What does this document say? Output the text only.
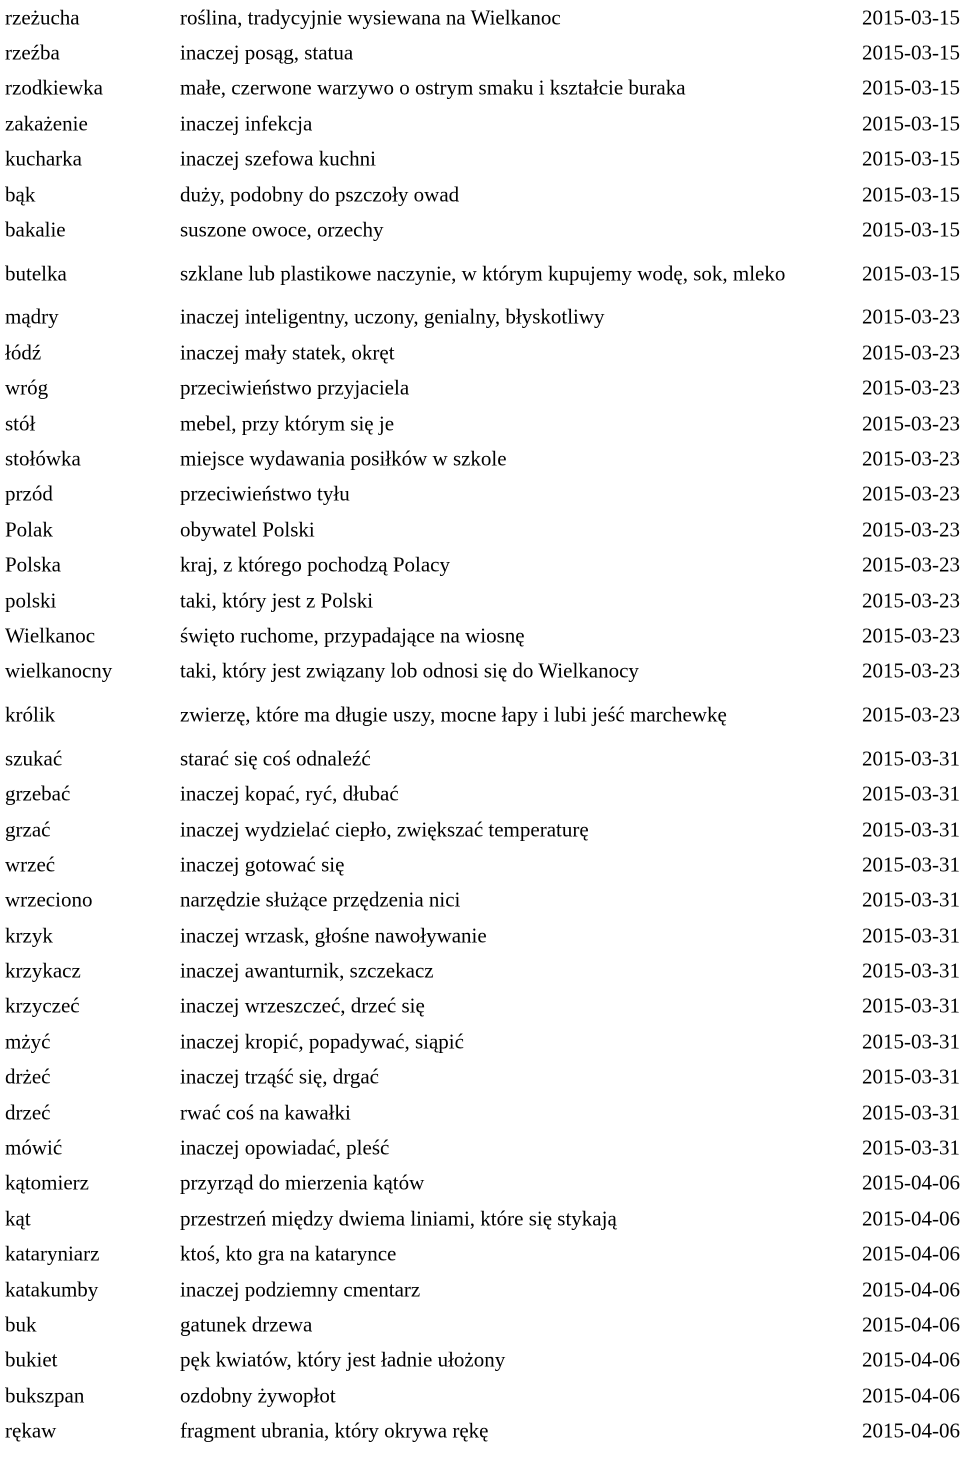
rzeżucha	roślina, tradycyjnie wysiewana na Wielkanoc	2015-03-15
rzeźba	inaczej posąg, statua	2015-03-15
rzodkiewka	małe, czerwone warzywo o ostrym smaku i kształcie buraka	2015-03-15
zakażenie	inaczej infekcja	2015-03-15
kucharka	inaczej szefowa kuchni	2015-03-15
bąk	duży, podobny do pszczoły owad	2015-03-15
bakalie	suszone owoce, orzechy	2015-03-15
butelka	szklane lub plastikowe naczynie, w którym kupujemy wodę, sok, mleko	2015-03-15
mądry	inaczej inteligentny, uczony, genialny, błyskotliwy	2015-03-23
łódź	inaczej mały statek, okręt	2015-03-23
wróg	przeciwieństwo przyjaciela	2015-03-23
stół	mebel, przy którym się je	2015-03-23
stołówka	miejsce wydawania posiłków w szkole	2015-03-23
przód	przeciwieństwo tyłu	2015-03-23
Polak	obywatel Polski	2015-03-23
Polska	kraj, z którego pochodzą Polacy	2015-03-23
polski	taki, który jest z Polski	2015-03-23
Wielkanoc	święto ruchome, przypadające na wiosnę	2015-03-23
wielkanocny	taki, który jest związany lob odnosi się do Wielkanocy	2015-03-23
królik	zwierzę, które ma długie uszy, mocne łapy i lubi jeść marchewkę	2015-03-23
szukać	starać się coś odnaleźć	2015-03-31
grzebać	inaczej kopać, ryć, dłubać	2015-03-31
grzać	inaczej wydzielać ciepło, zwiększać temperaturę	2015-03-31
wrzeć	inaczej gotować się	2015-03-31
wrzeciono	narzędzie służące przędzenia nici	2015-03-31
krzyk	inaczej wrzask, głośne nawoływanie	2015-03-31
krzykacz	inaczej awanturnik, szczekacz	2015-03-31
krzyczeć	inaczej wrzeszczeć, drzeć się	2015-03-31
mżyć	inaczej kropić, popadywać, siąpić	2015-03-31
drżeć	inaczej trząść się, drgać	2015-03-31
drzeć	rwać coś na kawałki	2015-03-31
mówić	inaczej opowiadać, pleść	2015-03-31
kątomierz	przyrząd do mierzenia kątów	2015-04-06
kąt	przestrzeń między dwiema liniami, które się stykają	2015-04-06
kataryniarz	ktoś, kto gra na katarynce	2015-04-06
katakumby	inaczej podziemny cmentarz	2015-04-06
buk	gatunek drzewa	2015-04-06
bukiet	pęk kwiatów, który jest ładnie ułożony	2015-04-06
bukszpan	ozdobny żywopłot	2015-04-06
rękaw	fragment ubrania, który okrywa rękę	2015-04-06
